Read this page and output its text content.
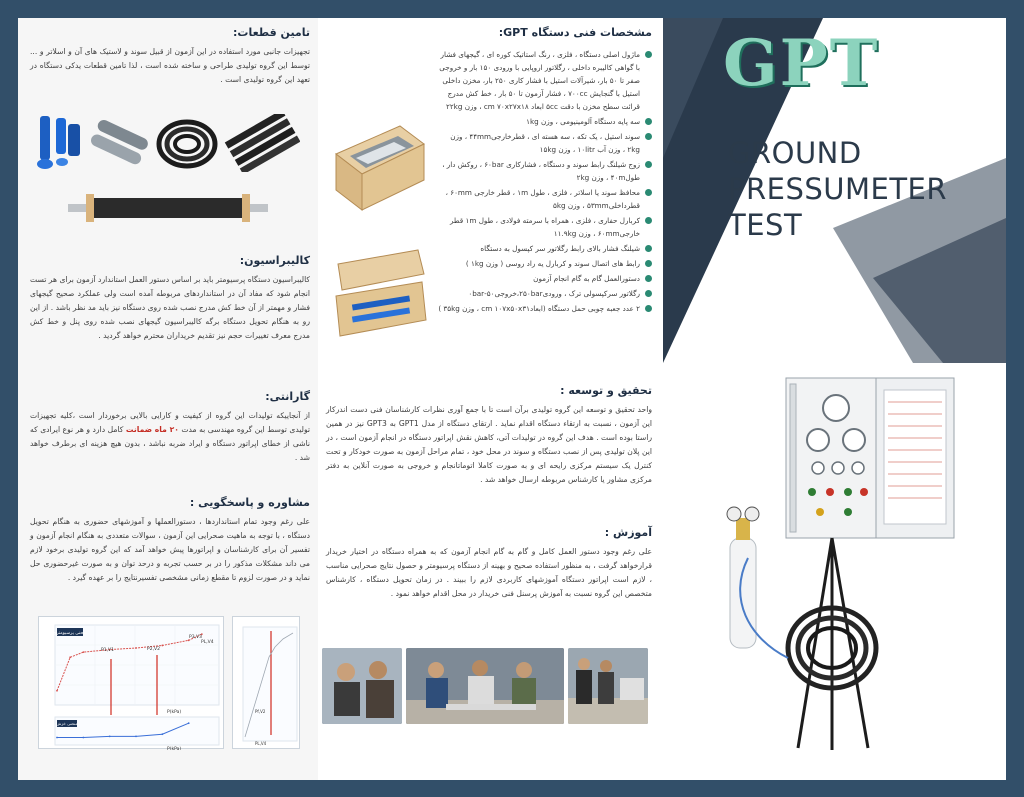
تامین قطعات:

تجهیزات جانبی مورد استفاده در این آزمون از قبیل سوند و لاستیک های آن و اسلاتر و ... توسط این گروه تولیدی طراحی و ساخته شده است ، لذا تامین قطعات یدکی دستگاه در تعهد این گروه تولیدی است .

کالیبراسیون:

کالیبراسیون دستگاه پرسیومتر باید بر اساس دستور العمل استاندارد آزمون برای هر تست انجام شود که مفاد آن در استانداردهای مربوطه آمده است ولی عملکرد صحیح گیجهای فشار و مهمتر از آن خط کش مدرج نصب شده روی دستگاه نیز باید مد نظر باشد . از این رو به هنگام تحویل دستگاه برگه کالیبراسیون گیجهای نصب شده روی پنل و خط کش مدرج معرف تغییرات حجم نیز تقدیم خریداران محترم خواهد گردید .

گارانتی:

از آنجاییکه تولیدات این گروه از کیفیت و کارایی بالایی برخوردار است ،کلیه تجهیزات تولیدی توسط این گروه مهندسی به مدت ۲۰ ماه ضمانت کامل دارد و هر نوع ایرادی که ناشی از خطای اپراتور دستگاه و ایراد ضربه نباشد ، بدون هیچ هزینه ای برطرف خواهد شد .

مشاوره و پاسخگویی :

علی رغم وجود تمام استانداردها ، دستورالعملها و آموزشهای حضوری به هنگام تحویل دستگاه ، با توجه به ماهیت صحرایی این آزمون ، سوالات متعددی به هنگام انجام آزمون و تفسیر آن برای کارشناسان و اپراتورها پیش خواهد آمد که این گروه تولیدی برخود لازم می داند مشکلات مذکور را در بر حسب تجربه و درحد توان و به صورت غیرحضوری حل نماید و در صورت لزوم تا مقطع زمانی مشخصی تفسیرنتایج را بر عهده گیرد .

منحنی پرسیومتری
P1,V1	P2,V2
P3,V3
PL,V4
P(kPa)
منحنی خزش
P(kPa)
Pf,V2
PL,V4
مشخصات فنی دستگاه GPT:
ماژول اصلی دستگاه ، فلزی ، رنگ استاتیک کوره ای ، گیجهای فشار با گواهی کالیبره داخلی ، رگلاتور اروپایی با ورودی ۱۵۰ بار و خروجی صفر تا ۵۰ بار، شیرآلات استیل با فشار کاری ۲۵۰ بار، مخزن داخلی استیل با گنجایش ۷۰۰cc ، فشار آزمون تا ۵۰ بار ، خط کش مدرج قرائت سطح مخزن با دقت ۵cc ابعاد cm ۷۰x۲۷x۱۸ ، وزن ۲۲kg
سه پایه دستگاه آلومینیومی ، وزن ۱kg
سوند استیل ، یک تکه ، سه هسته ای ، قطرخارجی۴۴mm ، وزن ۲kg ، وزن آب ۱۰litr ، وزن ۱۵kg
زوج شیلنگ رابط سوند و دستگاه ، فشارکاری ۶۰bar ، روکش دار ، طول۴۰m ، وزن ۲kg
محافظ سوند یا اسلاتر ، فلزی ، طول ۱m ، قطر خارجی ۶۰mm ، قطرداخلی۵۳mm ، وزن ۵kg
کربارل حفاری ، فلزی ، همراه با سرمته فولادی ، طول ۱m قطر خارجی۶۰mm ، وزن ۱۱.۹kg
شیلنگ فشار بالای رابط رگلاتور سر کپسول به دستگاه
رابط های اتصال سوند و کربارل یه راد روسی ( وزن ۱kg )
دستورالعمل گام به گام انجام آزمون
رگلاتور سرکپسولی ترک ، ورودی۲۵۰bar،خروجی۵۰-۰bar
۲ عدد جعبه چوبی حمل دستگاه (ابعادcm ۱۰۷x۵۰x۳۱ ، وزن ۳۵kg )
تحقیق و توسعه :

واحد تحقیق و توسعه این گروه تولیدی برآن است تا با جمع آوری نظرات کارشناسان فنی دست اندرکار این آزمون ، نسبت به ارتقاء دستگاه اقدام نماید . ارتقای دستگاه از مدل GPT1 به GPT3 نیز در همین راستا بوده است . هدف این گروه در تولیدات آتی، کاهش نقش اپراتور دستگاه در انجام آزمون است ، در این پلان تولیدی پس از نصب دستگاه و سوند در محل خود ، تمام مراحل آزمون به صورت خودکار و تحت کنترل یک سیستم مرکزی رایحه ای و به صورت کاملا اتوماتانجام و خروجی به صورت آنلاین به دفتر مرکزی مشاور یا کارشناس مربوطه ارسال خواهد شد .

آموزش :

علی رغم وجود دستور العمل کامل و گام به گام انجام آزمون که به همراه دستگاه در اختیار خریدار قرارخواهد گرفت ، به منظور استفاده صحیح و بهینه از دستگاه پرسیومتر و حصول نتایج صحرایی مناسب ، لازم است اپراتور دستگاه آموزشهای کاربردی لازم را ببیند . در زمان تحویل دستگاه ، کارشناس متخصص این گروه نسبت به آموزش پرسنل فنی خریدار در محل اقدام خواهد نمود .

GPT
GROUND
PRESSUMETER
TEST
